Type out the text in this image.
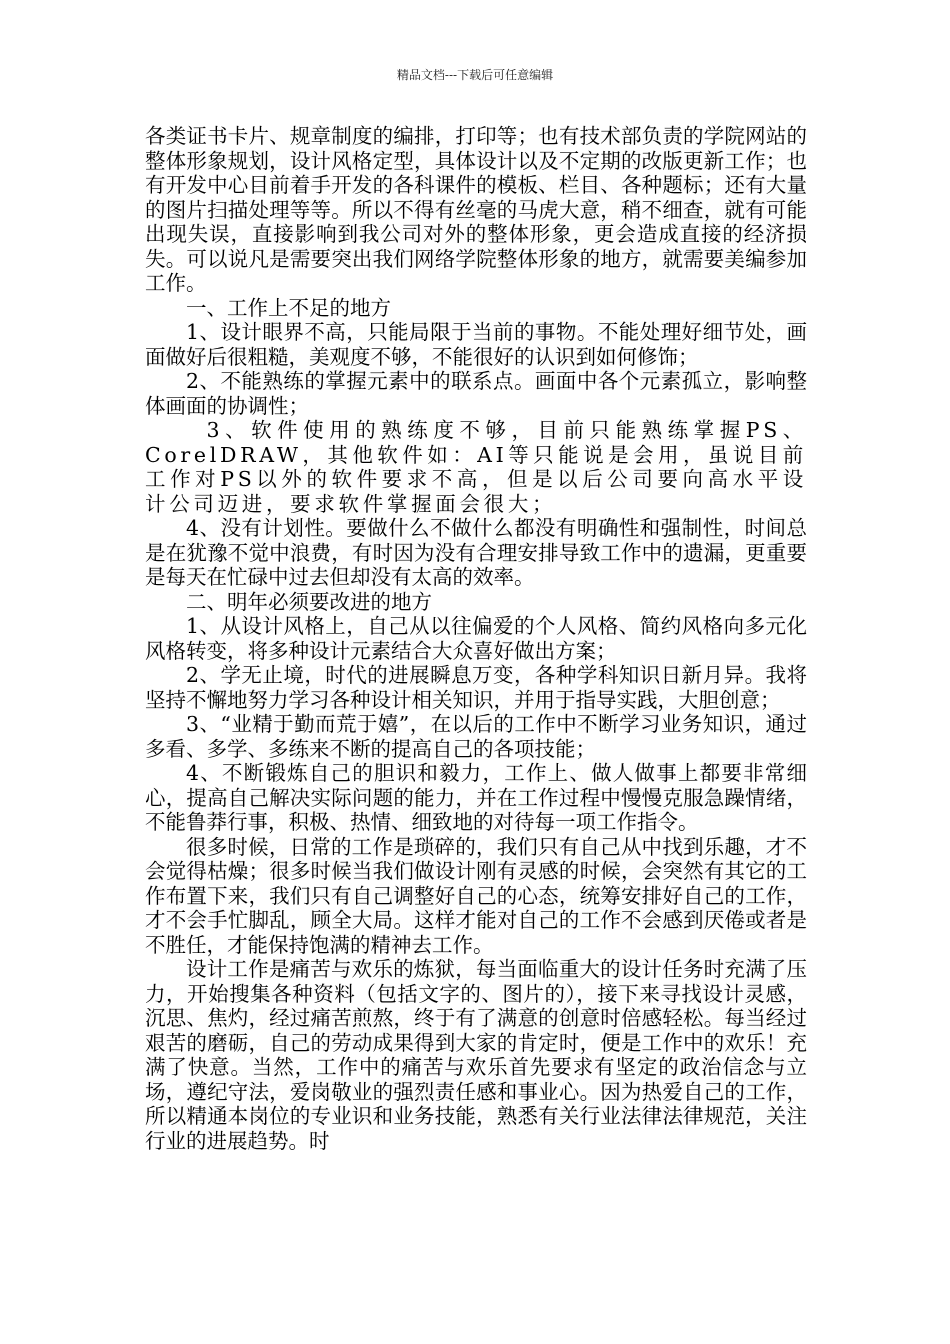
精品文档---下载后可任意编辑

各类证书卡片、规章制度的编排，打印等；也有技术部负责的学院网站的整体形象规划，设计风格定型，具体设计以及不定期的改版更新工作；也有开发中心目前着手开发的各科课件的模板、栏目、各种题标；还有大量的图片扫描处理等等。所以不得有丝毫的马虎大意，稍不细查，就有可能出现失误，直接影响到我公司对外的整体形象，更会造成直接的经济损失。可以说凡是需要突出我们网络学院整体形象的地方，就需要美编参加工作。

一、工作上不足的地方

1、设计眼界不高，只能局限于当前的事物。不能处理好细节处，画面做好后很粗糙，美观度不够，不能很好的认识到如何修饰；

2、不能熟练的掌握元素中的联系点。画面中各个元素孤立，影响整体画面的协调性；

3、软件使用的熟练度不够，目前只能熟练掌握PS、CorelDRAW，其他软件如：AI等只能说是会用，虽说目前工作对PS以外的软件要求不高，但是以后公司要向高水平设计公司迈进，要求软件掌握面会很大；

4、没有计划性。要做什么不做什么都没有明确性和强制性，时间总是在犹豫不觉中浪费，有时因为没有合理安排导致工作中的遗漏，更重要是每天在忙碌中过去但却没有太高的效率。

二、明年必须要改进的地方

1、从设计风格上，自己从以往偏爱的个人风格、简约风格向多元化风格转变，将多种设计元素结合大众喜好做出方案；

2、学无止境，时代的进展瞬息万变，各种学科知识日新月异。我将坚持不懈地努力学习各种设计相关知识，并用于指导实践，大胆创意；

3、“业精于勤而荒于嬉”，在以后的工作中不断学习业务知识，通过多看、多学、多练来不断的提高自己的各项技能；

4、不断锻炼自己的胆识和毅力，工作上、做人做事上都要非常细心，提高自己解决实际问题的能力，并在工作过程中慢慢克服急躁情绪，不能鲁莽行事，积极、热情、细致地的对待每一项工作指令。

很多时候，日常的工作是琐碎的，我们只有自己从中找到乐趣，才不会觉得枯燥；很多时候当我们做设计刚有灵感的时候，会突然有其它的工作布置下来，我们只有自己调整好自己的心态，统筹安排好自己的工作，才不会手忙脚乱，顾全大局。这样才能对自己的工作不会感到厌倦或者是不胜任，才能保持饱满的精神去工作。

设计工作是痛苦与欢乐的炼狱，每当面临重大的设计任务时充满了压力，开始搜集各种资料（包括文字的、图片的），接下来寻找设计灵感，沉思、焦灼，经过痛苦煎熬，终于有了满意的创意时倍感轻松。每当经过艰苦的磨砺，自己的劳动成果得到大家的肯定时，便是工作中的欢乐！充满了快意。当然，工作中的痛苦与欢乐首先要求有坚定的政治信念与立场，遵纪守法，爱岗敬业的强烈责任感和事业心。因为热爱自己的工作，所以精通本岗位的专业识和业务技能，熟悉有关行业法律法律规范，关注行业的进展趋势。时
